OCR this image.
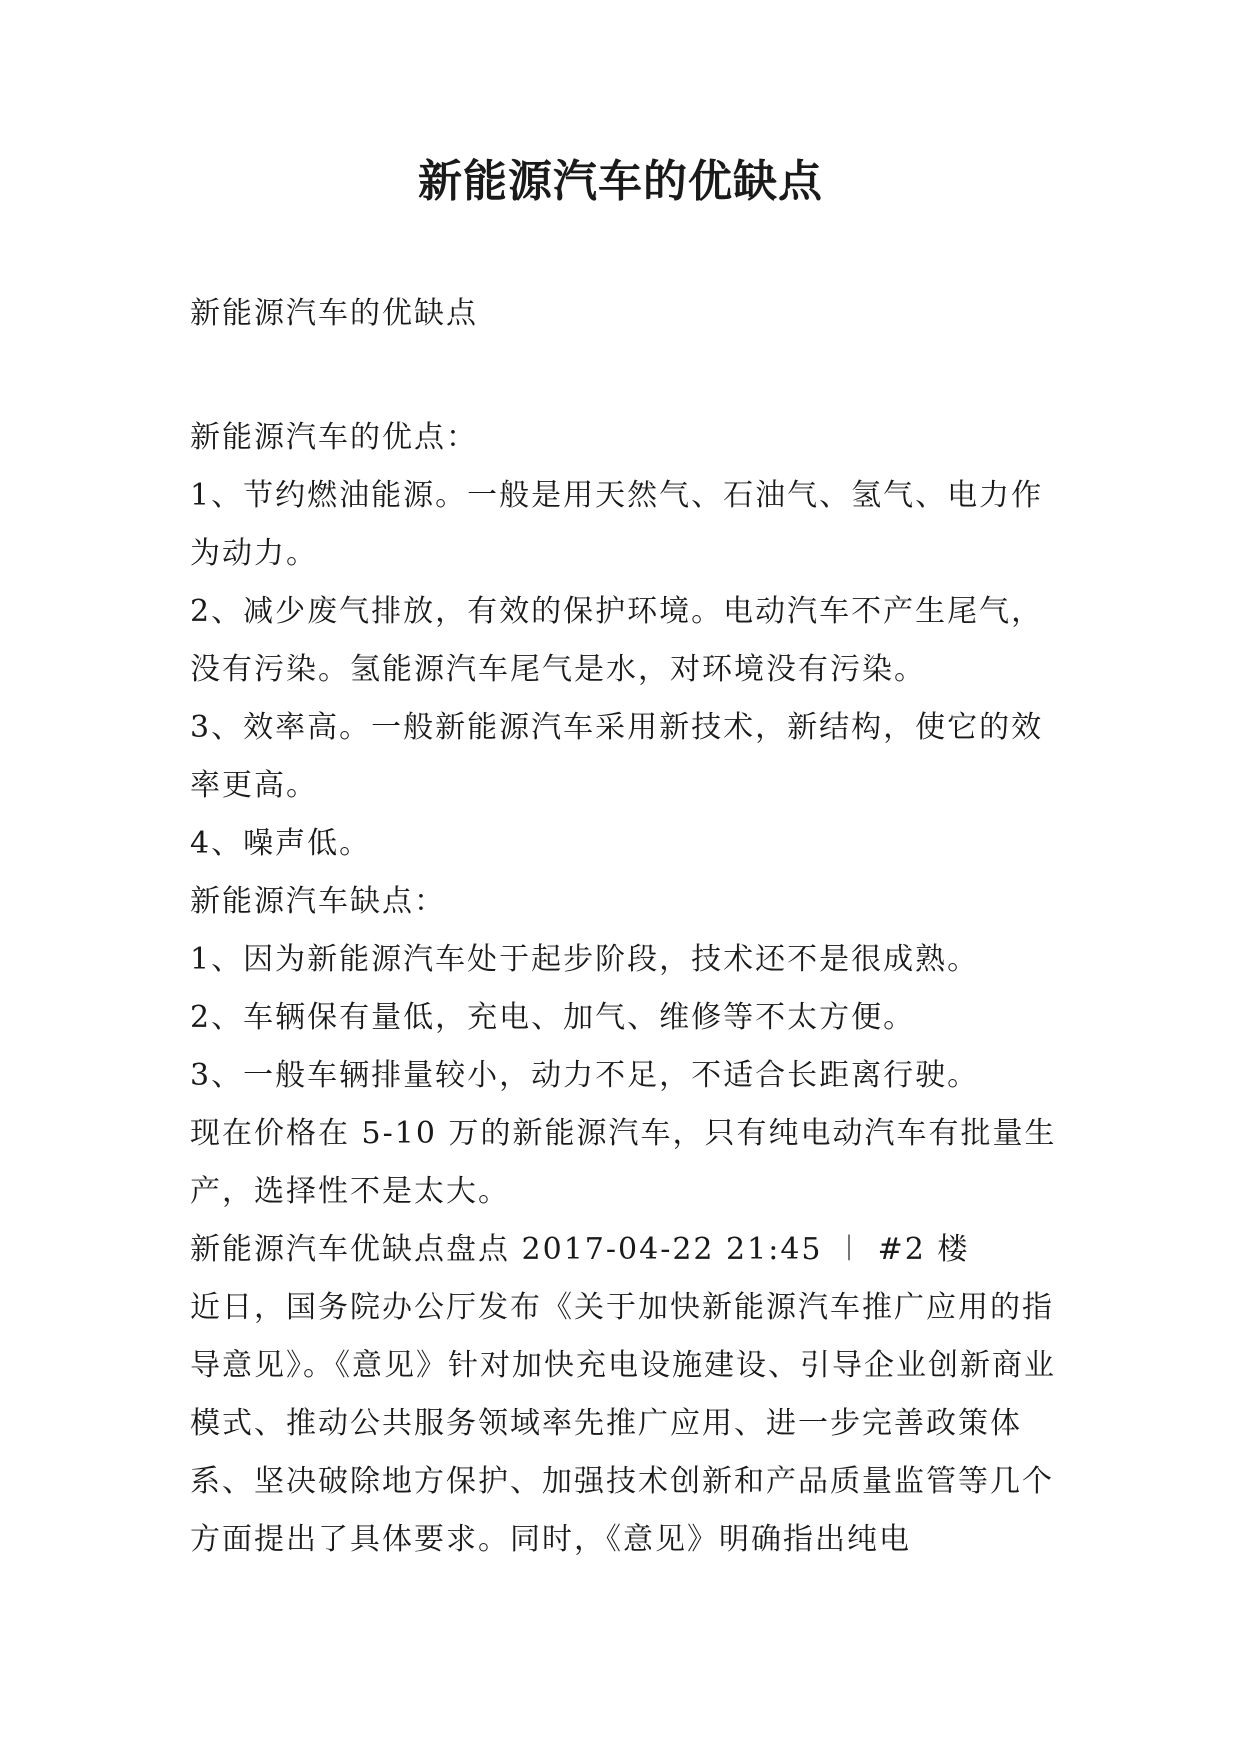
新能源汽车的优缺点

新能源汽车的优缺点

新能源汽车的优点：

1、节约燃油能源。一般是用天然气、石油气、氢气、电力作为动力。

2、减少废气排放，有效的保护环境。电动汽车不产生尾气，没有污染。氢能源汽车尾气是水，对环境没有污染。

3、效率高。一般新能源汽车采用新技术，新结构，使它的效率更高。

4、噪声低。

新能源汽车缺点：

1、因为新能源汽车处于起步阶段，技术还不是很成熟。

2、车辆保有量低，充电、加气、维修等不太方便。

3、一般车辆排量较小，动力不足，不适合长距离行驶。

现在价格在 5-10 万的新能源汽车，只有纯电动汽车有批量生产，选择性不是太大。

新能源汽车优缺点盘点 2017-04-22 21:45 ︱ #2 楼

近日，国务院办公厅发布《关于加快新能源汽车推广应用的指导意见》。《意见》针对加快充电设施建设、引导企业创新商业模式、推动公共服务领域率先推广应用、进一步完善政策体系、坚决破除地方保护、加强技术创新和产品质量监管等几个方面提出了具体要求。同时，《意见》明确指出纯电
